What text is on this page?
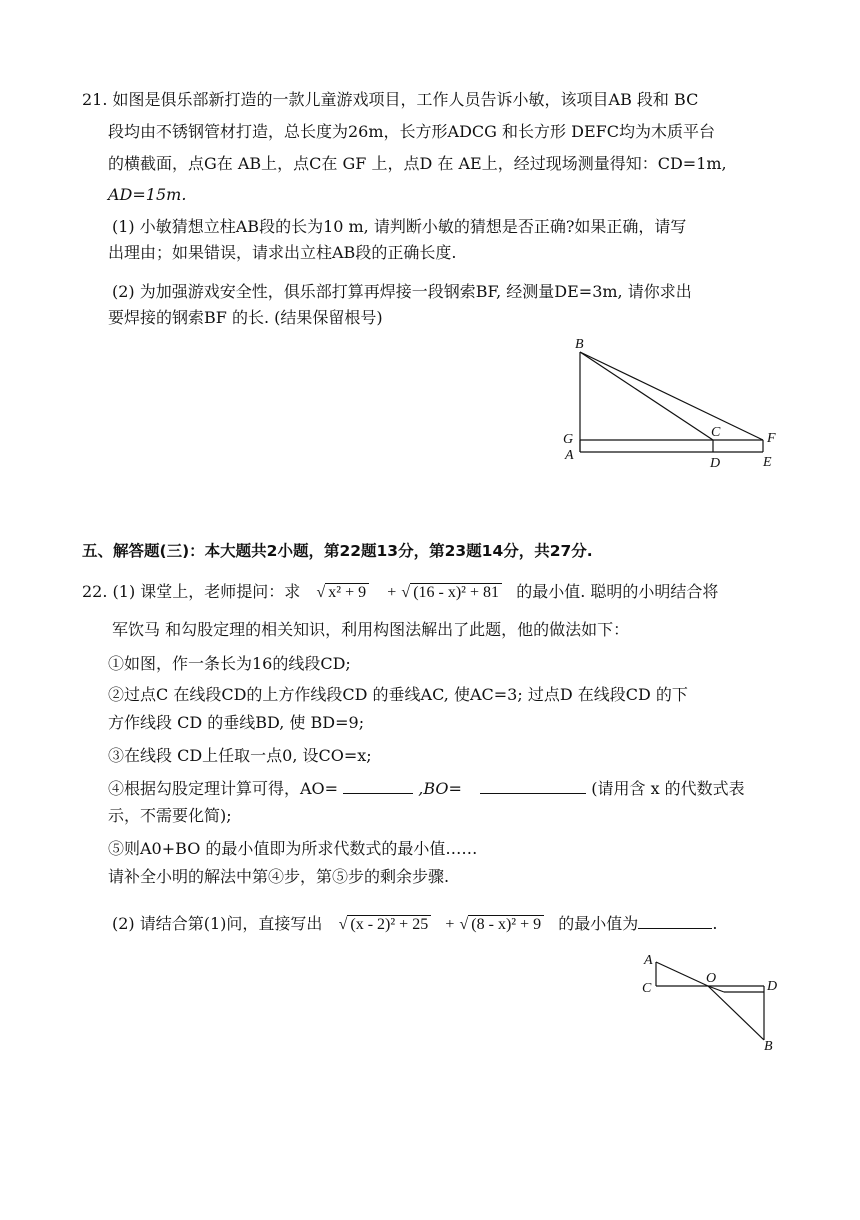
21. 如图是俱乐部新打造的一款儿童游戏项目，工作人员告诉小敏，该项目AB 段和 BC
段均由不锈钢管材打造，总长度为26m，长方形ADCG 和长方形 DEFC均为木质平台
的横截面，点G在 AB上，点C在 GF 上，点D 在 AE上，经过现场测量得知：CD=1m,
AD=15m.
(1) 小敏猜想立柱AB段的长为10 m, 请判断小敏的猜想是否正确?如果正确，请写
出理由；如果错误，请求出立柱AB段的正确长度.
(2) 为加强游戏安全性，俱乐部打算再焊接一段钢索BF, 经测量DE=3m, 请你求出
要焊接的钢索BF 的长. (结果保留根号)
B
G
A
C
D
F
E
五、解答题(三)：本大题共2小题，第22题13分，第23题14分，共27分.
22. (1) 课堂上，老师提问：求 √ x² + 9 + √ (16 - x)² + 81 的最小值. 聪明的小明结合将
军饮马 和勾股定理的相关知识，利用构图法解出了此题，他的做法如下：
①如图，作一条长为16的线段CD;
②过点C 在线段CD的上方作线段CD 的垂线AC, 使AC=3; 过点D 在线段CD 的下
方作线段 CD 的垂线BD, 使 BD=9;
③在线段 CD上任取一点0, 设CO=x;
④根据勾股定理计算可得，AO=	,BO=	(请用含 x 的代数式表
示，不需要化简);
⑤则A0+BO 的最小值即为所求代数式的最小值……
请补全小明的解法中第④步，第⑤步的剩余步骤.
(2) 请结合第(1)问，直接写出 √ (x - 2)² + 25 + √ (8 - x)² + 9 的最小值为	.
A
C
O
D
B
